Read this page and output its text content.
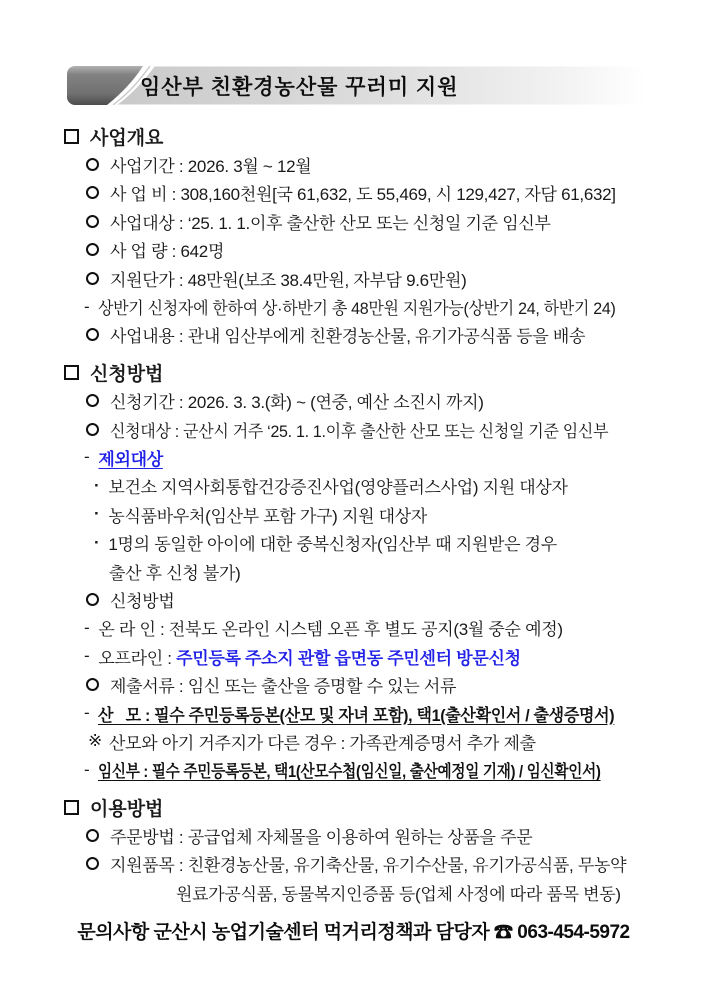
임산부 친환경농산물 꾸러미 지원
사업개요
사업기간 : 2026. 3월 ~ 12월
사 업 비 : 308,160천원[국 61,632, 도 55,469, 시 129,427, 자담 61,632]
사업대상 : ‘25. 1. 1.이후 출산한 산모 또는 신청일 기준 임신부
사 업 량 : 642명
지원단가 : 48만원(보조 38.4만원, 자부담 9.6만원)
- 상반기 신청자에 한하여 상·하반기 총 48만원 지원가능(상반기 24, 하반기 24)
사업내용 : 관내 임산부에게 친환경농산물, 유기가공식품 등을 배송
신청방법
신청기간 : 2026. 3. 3.(화) ~ (연중, 예산 소진시 까지)
신청대상 : 군산시 거주 ‘25. 1. 1.이후 출산한 산모 또는 신청일 기준 임신부
- 제외대상
· 보건소 지역사회통합건강증진사업(영양플러스사업) 지원 대상자
· 농식품바우처(임산부 포함 가구) 지원 대상자
· 1명의 동일한 아이에 대한 중복신청자(임산부 때 지원받은 경우
출산 후 신청 불가)
신청방법
- 온 라 인 : 전북도 온라인 시스템 오픈 후 별도 공지(3월 중순 예정)
- 오프라인 : 주민등록 주소지 관할 읍면동 주민센터 방문신청
제출서류 : 임신 또는 출산을 증명할 수 있는 서류
- 산   모 : 필수 주민등록등본(산모 및 자녀 포함), 택1(출산확인서 / 출생증명서)
※ 산모와 아기 거주지가 다른 경우 : 가족관계증명서 추가 제출
- 임신부 : 필수 주민등록등본, 택1(산모수첩(임신일, 출산예정일 기재) / 임신확인서)
이용방법
주문방법 : 공급업체 자체몰을 이용하여 원하는 상품을 주문
지원품목 : 친환경농산물, 유기축산물, 유기수산물, 유기가공식품, 무농약
원료가공식품, 동물복지인증품 등(업체 사정에 따라 품목 변동)
문의사항 군산시 농업기술센터 먹거리정책과 담당자 ☎ 063-454-5972
